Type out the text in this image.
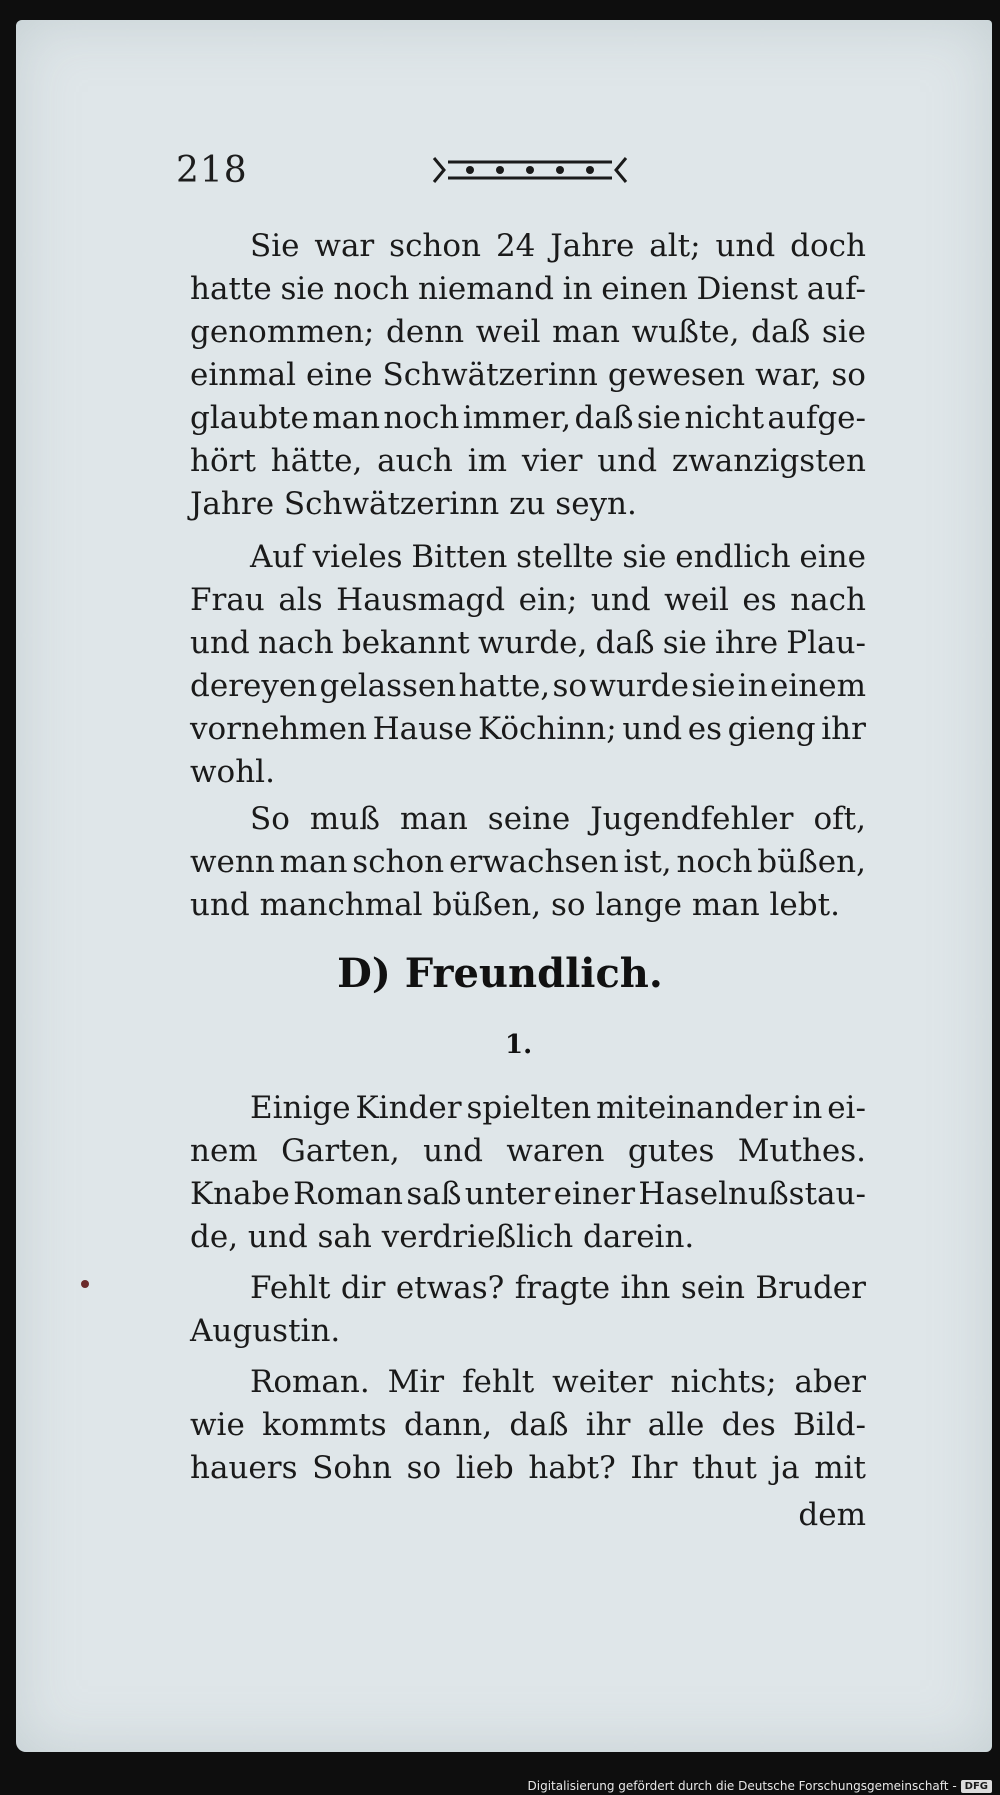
218
Sie war schon 24 Jahre alt; und doch
hatte sie noch niemand in einen Dienst auf-
genommen; denn weil man wußte, daß sie
einmal eine Schwätzerinn gewesen war, so
glaubte man noch immer, daß sie nicht aufge-
hört hätte, auch im vier und zwanzigsten
Jahre Schwätzerinn zu seyn.
Auf vieles Bitten stellte sie endlich eine
Frau als Hausmagd ein; und weil es nach
und nach bekannt wurde, daß sie ihre Plau-
dereyen gelassen hatte, so wurde sie in einem
vornehmen Hause Köchinn; und es gieng ihr
wohl.
So muß man seine Jugendfehler oft,
wenn man schon erwachsen ist, noch büßen,
und manchmal büßen, so lange man lebt.
D) Freundlich.
1.
Einige Kinder spielten miteinander in ei-
nem Garten, und waren gutes Muthes.
Knabe Roman saß unter einer Haselnußstau-
de, und sah verdrießlich darein.
Fehlt dir etwas? fragte ihn sein Bruder
Augustin.
Roman. Mir fehlt weiter nichts; aber
wie kommts dann, daß ihr alle des Bild-
hauers Sohn so lieb habt? Ihr thut ja mit
dem
Digitalisierung gefördert durch die Deutsche Forschungsgemeinschaft - DFG
